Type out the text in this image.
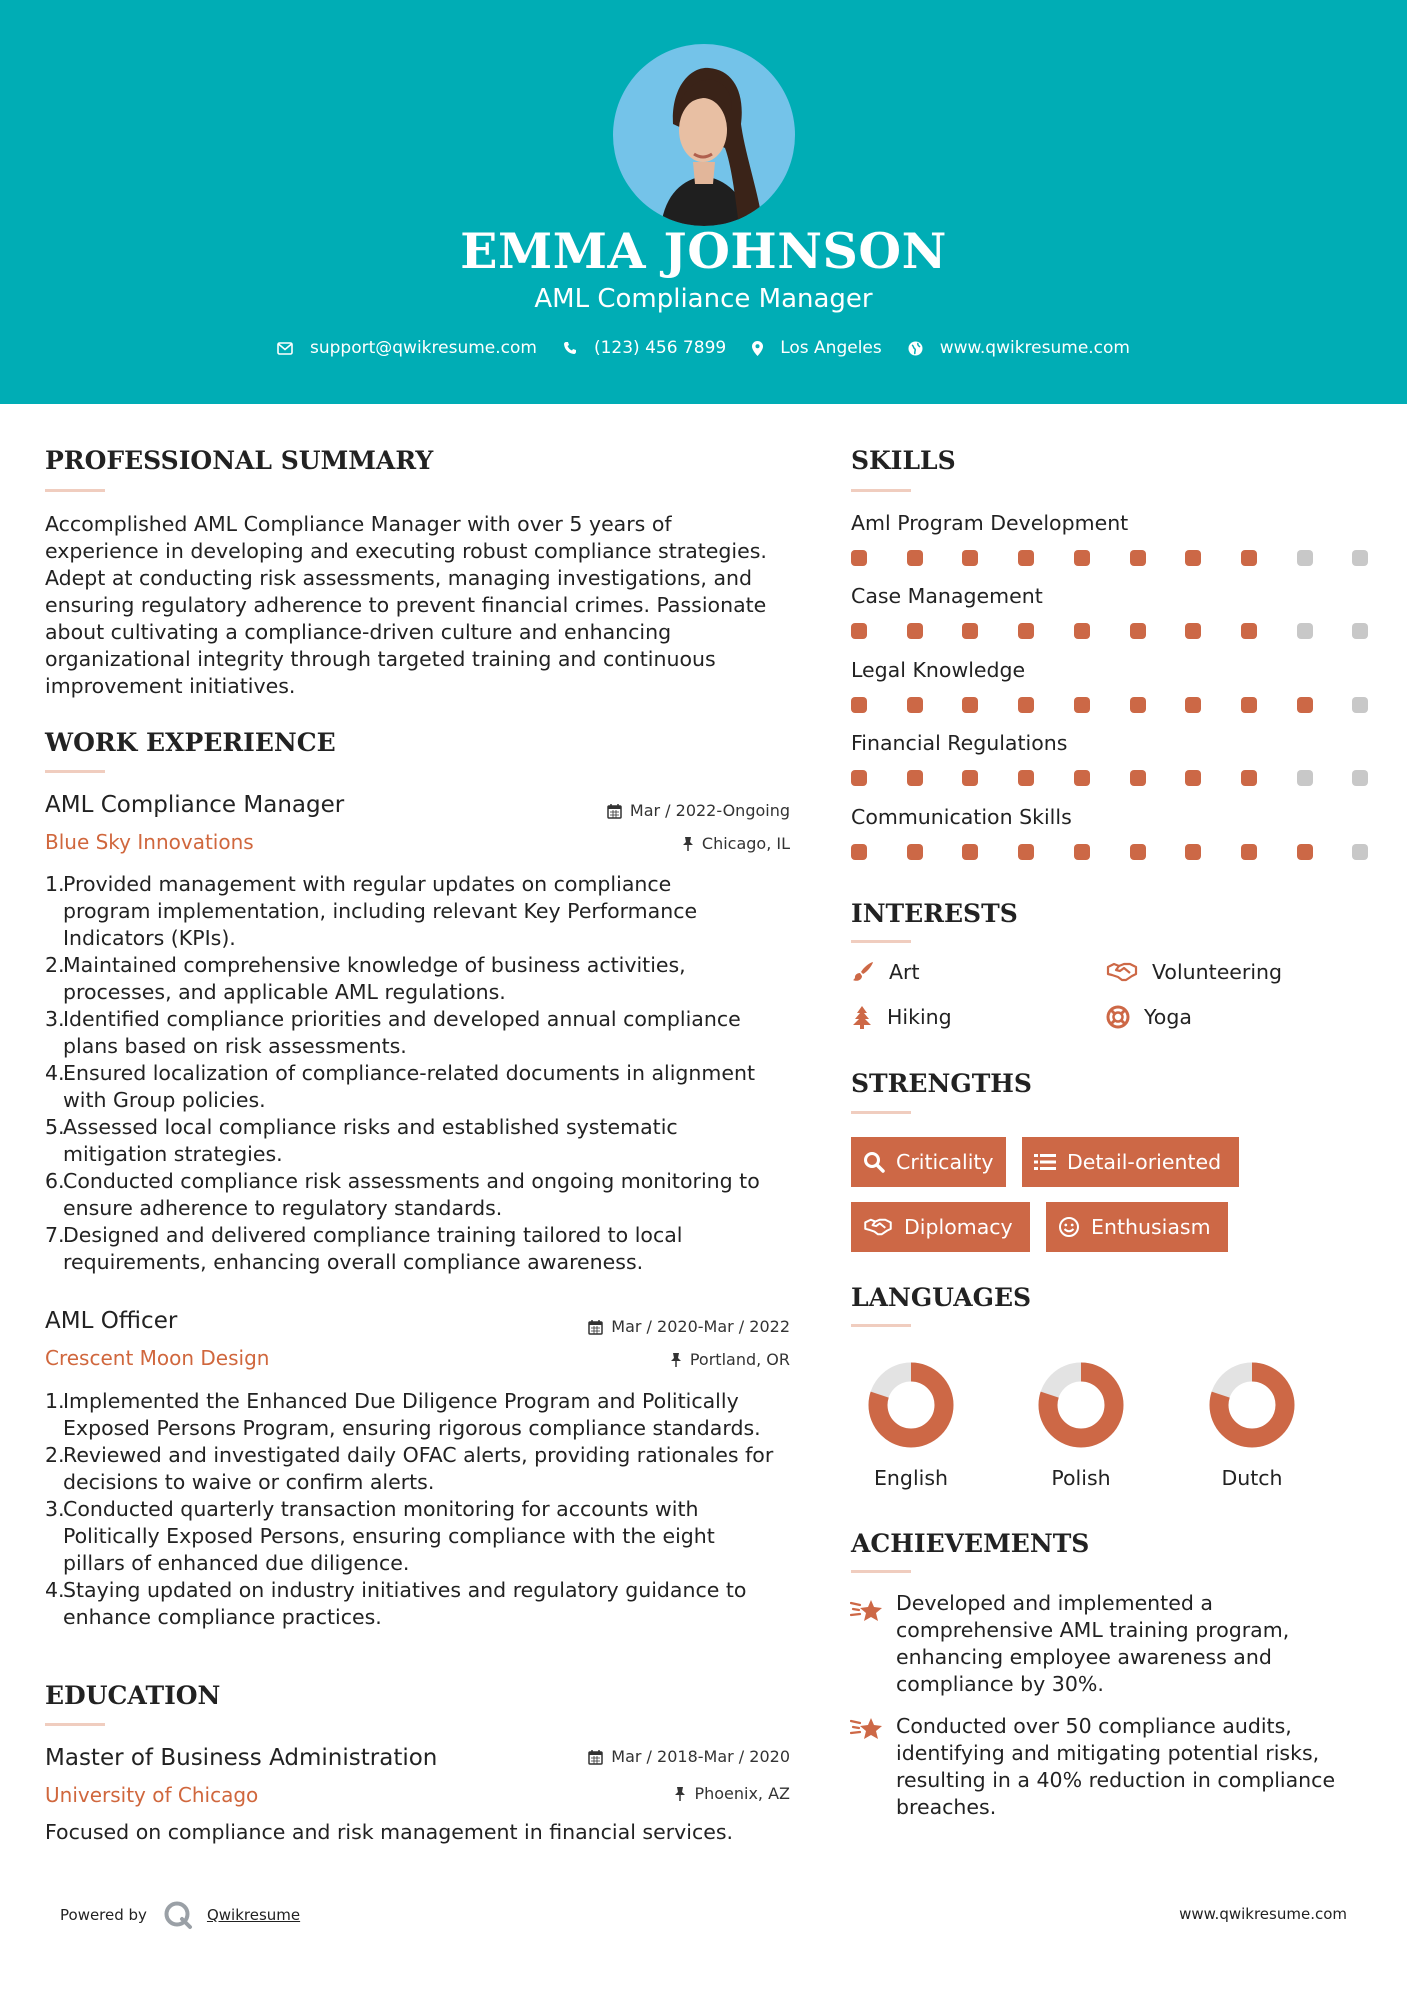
EMMA JOHNSON
AML Compliance Manager
support@qwikresume.com	(123) 456 7899	Los Angeles	www.qwikresume.com
PROFESSIONAL SUMMARY
Accomplished AML Compliance Manager with over 5 years of
experience in developing and executing robust compliance strategies.
Adept at conducting risk assessments, managing investigations, and
ensuring regulatory adherence to prevent financial crimes. Passionate
about cultivating a compliance-driven culture and enhancing
organizational integrity through targeted training and continuous
improvement initiatives.
WORK EXPERIENCE
AML Compliance Manager
Blue Sky Innovations
Mar / 2022-Ongoing
Chicago, IL
1.
Provided management with regular updates on compliance
program implementation, including relevant Key Performance
Indicators (KPIs).
2.
Maintained comprehensive knowledge of business activities,
processes, and applicable AML regulations.
3.
Identified compliance priorities and developed annual compliance
plans based on risk assessments.
4.
Ensured localization of compliance-related documents in alignment
with Group policies.
5.
Assessed local compliance risks and established systematic
mitigation strategies.
6.
Conducted compliance risk assessments and ongoing monitoring to
ensure adherence to regulatory standards.
7.
Designed and delivered compliance training tailored to local
requirements, enhancing overall compliance awareness.
AML Officer
Crescent Moon Design
Mar / 2020-Mar / 2022
Portland, OR
1.
Implemented the Enhanced Due Diligence Program and Politically
Exposed Persons Program, ensuring rigorous compliance standards.
2.
Reviewed and investigated daily OFAC alerts, providing rationales for
decisions to waive or confirm alerts.
3.
Conducted quarterly transaction monitoring for accounts with
Politically Exposed Persons, ensuring compliance with the eight
pillars of enhanced due diligence.
4.
Staying updated on industry initiatives and regulatory guidance to
enhance compliance practices.
EDUCATION
Master of Business Administration
University of Chicago
Mar / 2018-Mar / 2020
Phoenix, AZ
Focused on compliance and risk management in financial services.
SKILLS
Aml Program Development
Case Management
Legal Knowledge
Financial Regulations
Communication Skills
INTERESTS
Art	Volunteering
Hiking	Yoga
STRENGTHS
Criticality	Detail-oriented
Diplomacy	Enthusiasm
LANGUAGES
English	Polish	Dutch
ACHIEVEMENTS
Developed and implemented a
comprehensive AML training program,
enhancing employee awareness and
compliance by 30%.
Conducted over 50 compliance audits,
identifying and mitigating potential risks,
resulting in a 40% reduction in compliance
breaches.
Powered by	Qwikresume	www.qwikresume.com
